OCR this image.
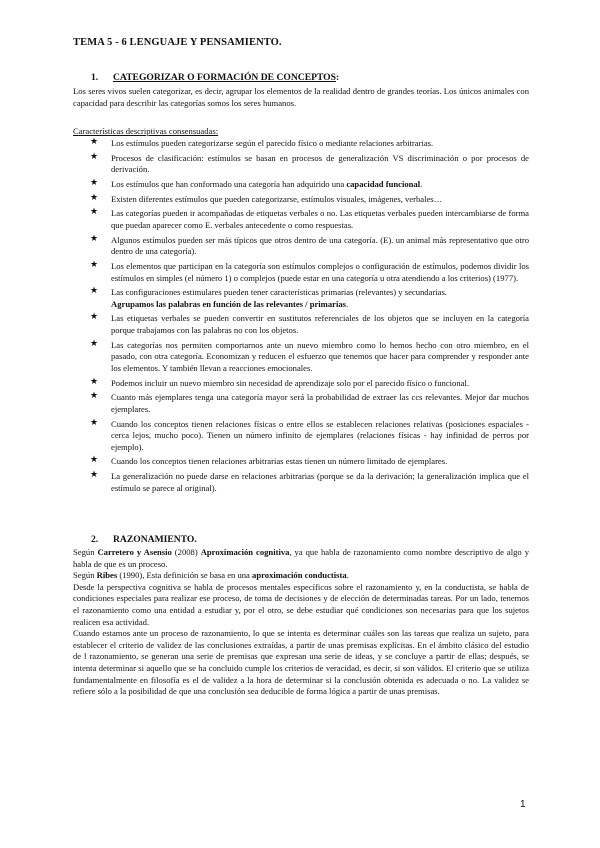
TEMA 5 - 6 LENGUAJE Y PENSAMIENTO.
1. CATEGORIZAR O FORMACIÓN DE CONCEPTOS:
Los seres vivos suelen categorizar, es decir, agrupar los elementos de la realidad dentro de grandes teorías. Los únicos animales con capacidad para describir las categorías somos los seres humanos.
Características descriptivas consensuadas:
★ Los estímulos pueden categorizarse según el parecido físico o mediante relaciones arbitrarias.
★ Procesos de clasificación: estímulos se basan en procesos de generalización VS discriminación o por procesos de derivación.
★ Los estímulos que han conformado una categoría han adquirido una capacidad funcional.
★ Existen diferentes estímulos que pueden categorizarse, estímulos visuales, imágenes, verbales…
★ Las categorías pueden ir acompañadas de etiquetas verbales o no. Las etiquetas verbales pueden intercambiarse de forma que puedan aparecer como E. verbales antecedente o como respuestas.
★ Algunos estímulos pueden ser más típicos que otros dentro de una categoría. (E). un animal más representativo que otro dentro de una categoría).
★ Los elementos que participan en la categoría son estímulos complejos o configuración de estímulos, podemos dividir los estímulos en simples (el número 1) o complejos (puede estar en una categoría u otra atendiendo a los criterios) (1977).
★ Las configuraciones estimulares pueden tener características primarias (relevantes) y secundarias.
Agrupamos las palabras en función de las relevantes / primarias.
★ Las etiquetas verbales se pueden convertir en sustitutos referenciales de los objetos que se incluyen en la categoría porque trabajamos con las palabras no con los objetos.
★ Las categorías nos permiten comportarnos ante un nuevo miembro como lo hemos hecho con otro miembro, en el pasado, con otra categoría. Economizan y reducen el esfuerzo que tenemos que hacer para comprender y responder ante los elementos. Y también llevan a reacciones emocionales.
★ Podemos incluir un nuevo miembro sin necesidad de aprendizaje solo por el parecido físico o funcional.
★ Cuanto más ejemplares tenga una categoría mayor será la probabilidad de extraer las ccs relevantes. Mejor dar muchos ejemplares.
★ Cuando los conceptos tienen relaciones físicas o entre ellos se establecen relaciones relativas (posiciones espaciales - cerca lejos, mucho poco). Tienen un número infinito de ejemplares (relaciones físicas - hay infinidad de perros por ejemplo).
★ Cuando los conceptos tienen relaciones arbitrarias estas tienen un número limitado de ejemplares.
★ La generalización no puede darse en relaciones arbitrarias (porque se da la derivación; la generalización implica que el estímulo se parece al original).
2. RAZONAMIENTO.

Según Carretero y Asensio (2008) Aproximación cognitiva, ya que habla de razonamiento como nombre descriptivo de algo y habla de que es un proceso.

Según Ribes (1990), Esta definición se basa en una aproximación conductista.

Desde la perspectiva cognitiva se habla de procesos mentales específicos sobre el razonamiento y, en la conductista, se habla de condiciones especiales para realizar ese proceso, de toma de decisiones y de elección de determinadas tareas. Por un lado, tenemos el razonamiento como una entidad a estudiar y, por el otro, se debe estudiar qué condiciones son necesarias para que los sujetos realicen esa actividad.

Cuando estamos ante un proceso de razonamiento, lo que se intenta es determinar cuáles son las tareas que realiza un sujeto, para establecer el criterio de validez de las conclusiones extraídas, a partir de unas premisas explícitas. En el ámbito clásico del estudio de l razonamiento, se generan una serie de premisas que expresan una serie de ideas, y se concluye a partir de ellas; después, se intenta determinar si aquello que se ha concluido cumple los criterios de veracidad, es decir, si son válidos. El criterio que se utiliza fundamentalmente en filosofía es el de validez a la hora de determinar si la conclusión obtenida es adecuada o no. La validez se refiere sólo a la posibilidad de que una conclusión sea deducible de forma lógica a partir de unas premisas.

1
